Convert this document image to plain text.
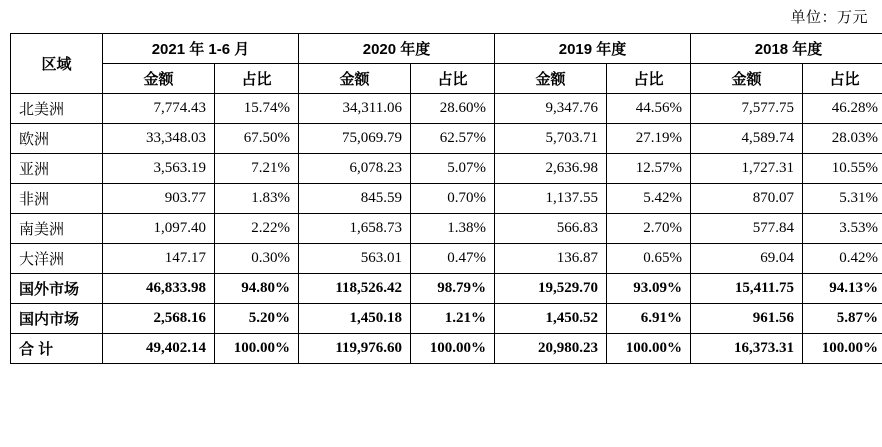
单位：万元
区域	2021 年 1-6 月		2020 年度		2019 年度		2018 年度	
	金额	占比	金额	占比	金额	占比	金额	占比
北美洲	7,774.43	15.74%	34,311.06	28.60%	9,347.76	44.56%	7,577.75	46.28%
欧洲	33,348.03	67.50%	75,069.79	62.57%	5,703.71	27.19%	4,589.74	28.03%
亚洲	3,563.19	7.21%	6,078.23	5.07%	2,636.98	12.57%	1,727.31	10.55%
非洲	903.77	1.83%	845.59	0.70%	1,137.55	5.42%	870.07	5.31%
南美洲	1,097.40	2.22%	1,658.73	1.38%	566.83	2.70%	577.84	3.53%
大洋洲	147.17	0.30%	563.01	0.47%	136.87	0.65%	69.04	0.42%
国外市场	46,833.98	94.80%	118,526.42	98.79%	19,529.70	93.09%	15,411.75	94.13%
国内市场	2,568.16	5.20%	1,450.18	1.21%	1,450.52	6.91%	961.56	5.87%
合 计	49,402.14	100.00%	119,976.60	100.00%	20,980.23	100.00%	16,373.31	100.00%
